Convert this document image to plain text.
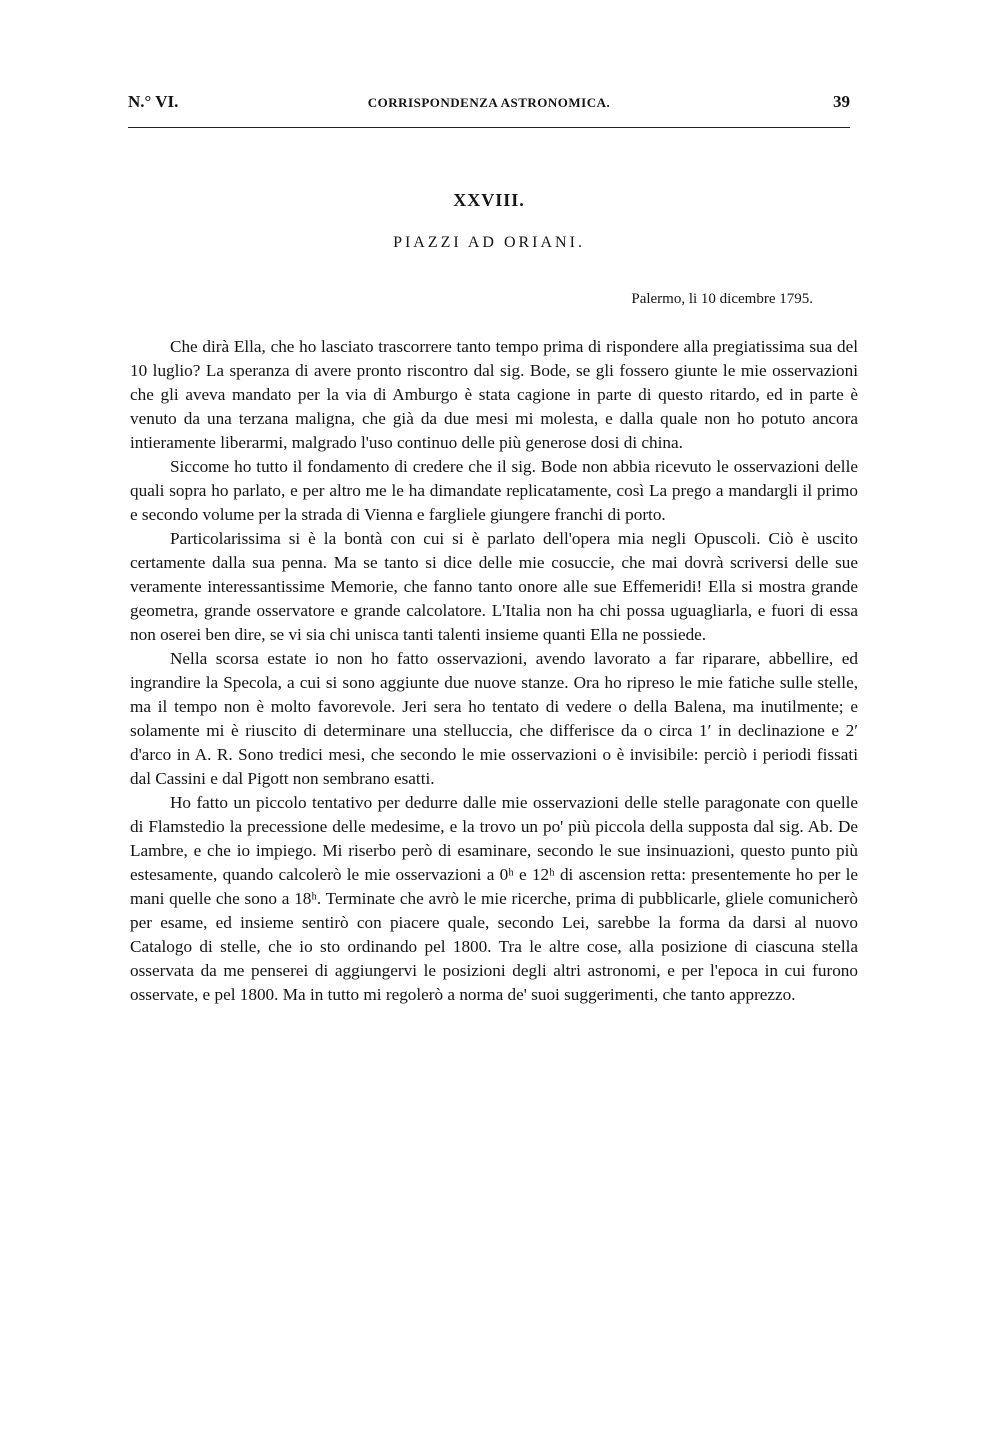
N.° VI.	CORRISPONDENZA ASTRONOMICA.	39
XXVIII.
PIAZZI AD ORIANI.
Palermo, li 10 dicembre 1795.

Che dirà Ella, che ho lasciato trascorrere tanto tempo prima di rispondere alla pregiatissima sua del 10 luglio? La speranza di avere pronto riscontro dal sig. Bode, se gli fossero giunte le mie osservazioni che gli aveva mandato per la via di Amburgo è stata cagione in parte di questo ritardo, ed in parte è venuto da una terzana maligna, che già da due mesi mi molesta, e dalla quale non ho potuto ancora intieramente liberarmi, malgrado l'uso continuo delle più generose dosi di china.

Siccome ho tutto il fondamento di credere che il sig. Bode non abbia ricevuto le osservazioni delle quali sopra ho parlato, e per altro me le ha dimandate replicatamente, così La prego a mandargli il primo e secondo volume per la strada di Vienna e fargliele giungere franchi di porto.

Particolarissima si è la bontà con cui si è parlato dell'opera mia negli Opuscoli. Ciò è uscito certamente dalla sua penna. Ma se tanto si dice delle mie cosuccie, che mai dovrà scriversi delle sue veramente interessantissime Memorie, che fanno tanto onore alle sue Effemeridi! Ella si mostra grande geometra, grande osservatore e grande calcolatore. L'Italia non ha chi possa uguagliarla, e fuori di essa non oserei ben dire, se vi sia chi unisca tanti talenti insieme quanti Ella ne possiede.

Nella scorsa estate io non ho fatto osservazioni, avendo lavorato a far riparare, abbellire, ed ingrandire la Specola, a cui si sono aggiunte due nuove stanze. Ora ho ripreso le mie fatiche sulle stelle, ma il tempo non è molto favorevole. Jeri sera ho tentato di vedere ο della Balena, ma inutilmente; e solamente mi è riuscito di determinare una stelluccia, che differisce da ο circa 1′ in declinazione e 2′ d'arco in A. R. Sono tredici mesi, che secondo le mie osservazioni ο è invisibile: perciò i periodi fissati dal Cassini e dal Pigott non sembrano esatti.

Ho fatto un piccolo tentativo per dedurre dalle mie osservazioni delle stelle paragonate con quelle di Flamstedio la precessione delle medesime, e la trovo un po' più piccola della supposta dal sig. Ab. De Lambre, e che io impiego. Mi riserbo però di esaminare, secondo le sue insinuazioni, questo punto più estesamente, quando calcolerò le mie osservazioni a 0ʰ e 12ʰ di ascension retta: presentemente ho per le mani quelle che sono a 18ʰ. Terminate che avrò le mie ricerche, prima di pubblicarle, gliele comunicherò per esame, ed insieme sentirò con piacere quale, secondo Lei, sarebbe la forma da darsi al nuovo Catalogo di stelle, che io sto ordinando pel 1800. Tra le altre cose, alla posizione di ciascuna stella osservata da me penserei di aggiungervi le posizioni degli altri astronomi, e per l'epoca in cui furono osservate, e pel 1800. Ma in tutto mi regolerò a norma de' suoi suggerimenti, che tanto apprezzo.
